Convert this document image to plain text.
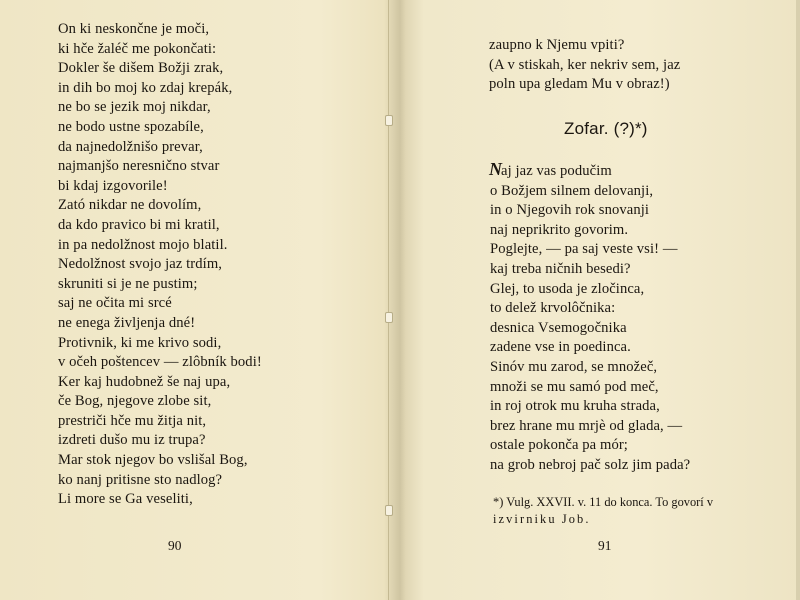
On ki neskončne je moči,
ki hče žaléč me pokončati:
Dokler še dišem Božji zrak,
in dih bo moj ko zdaj krepák,
ne bo se jezik moj nikdar,
ne bodo ustne spozabíle,
da najnedolžnišo prevar,
najmanjšo neresnično stvar
bi kdaj izgovorile!
Zató nikdar ne dovolím,
da kdo pravico bi mi kratil,
in pa nedolžnost mojo blatil.
Nedolžnost svojo jaz trdím,
skruniti si je ne pustim;
saj ne očita mi srcé
ne enega življenja dné!
Protivnik, ki me krivo sodi,
v očeh poštencev — zlôbník bodi!
Ker kaj hudobnež še naj upa,
če Bog, njegove zlobe sit,
prestriči hče mu žitja nit,
izdreti dušo mu iz trupa?
Mar stok njegov bo vslišal Bog,
ko nanj pritisne sto nadlog?
Li more se Ga veseliti,
90
zaupno k Njemu vpiti?
(A v stiskah, ker nekriv sem, jaz
poln upa gledam Mu v obraz!)
Zofar. (?)*)
Naj jaz vas podučim
o Božjem silnem delovanji,
in o Njegovih rok snovanji
naj neprikrito govorim.
Poglejte, — pa saj veste vsi! —
kaj treba ničnih besedi?
Glej, to usoda je zločinca,
to delež krvolôčnika:
desnica Vsemogočnika
zadene vse in poedinca.
Sinóv mu zarod, se množeč,
množi se mu samó pod meč,
in roj otrok mu kruha strada,
brez hrane mu mrjè od glada, —
ostale pokonča pa mór;
na grob nebroj pač solz jim pada?
*) Vulg. XXVII. v. 11 do konca. To govorí v
izvirniku Job.
91
